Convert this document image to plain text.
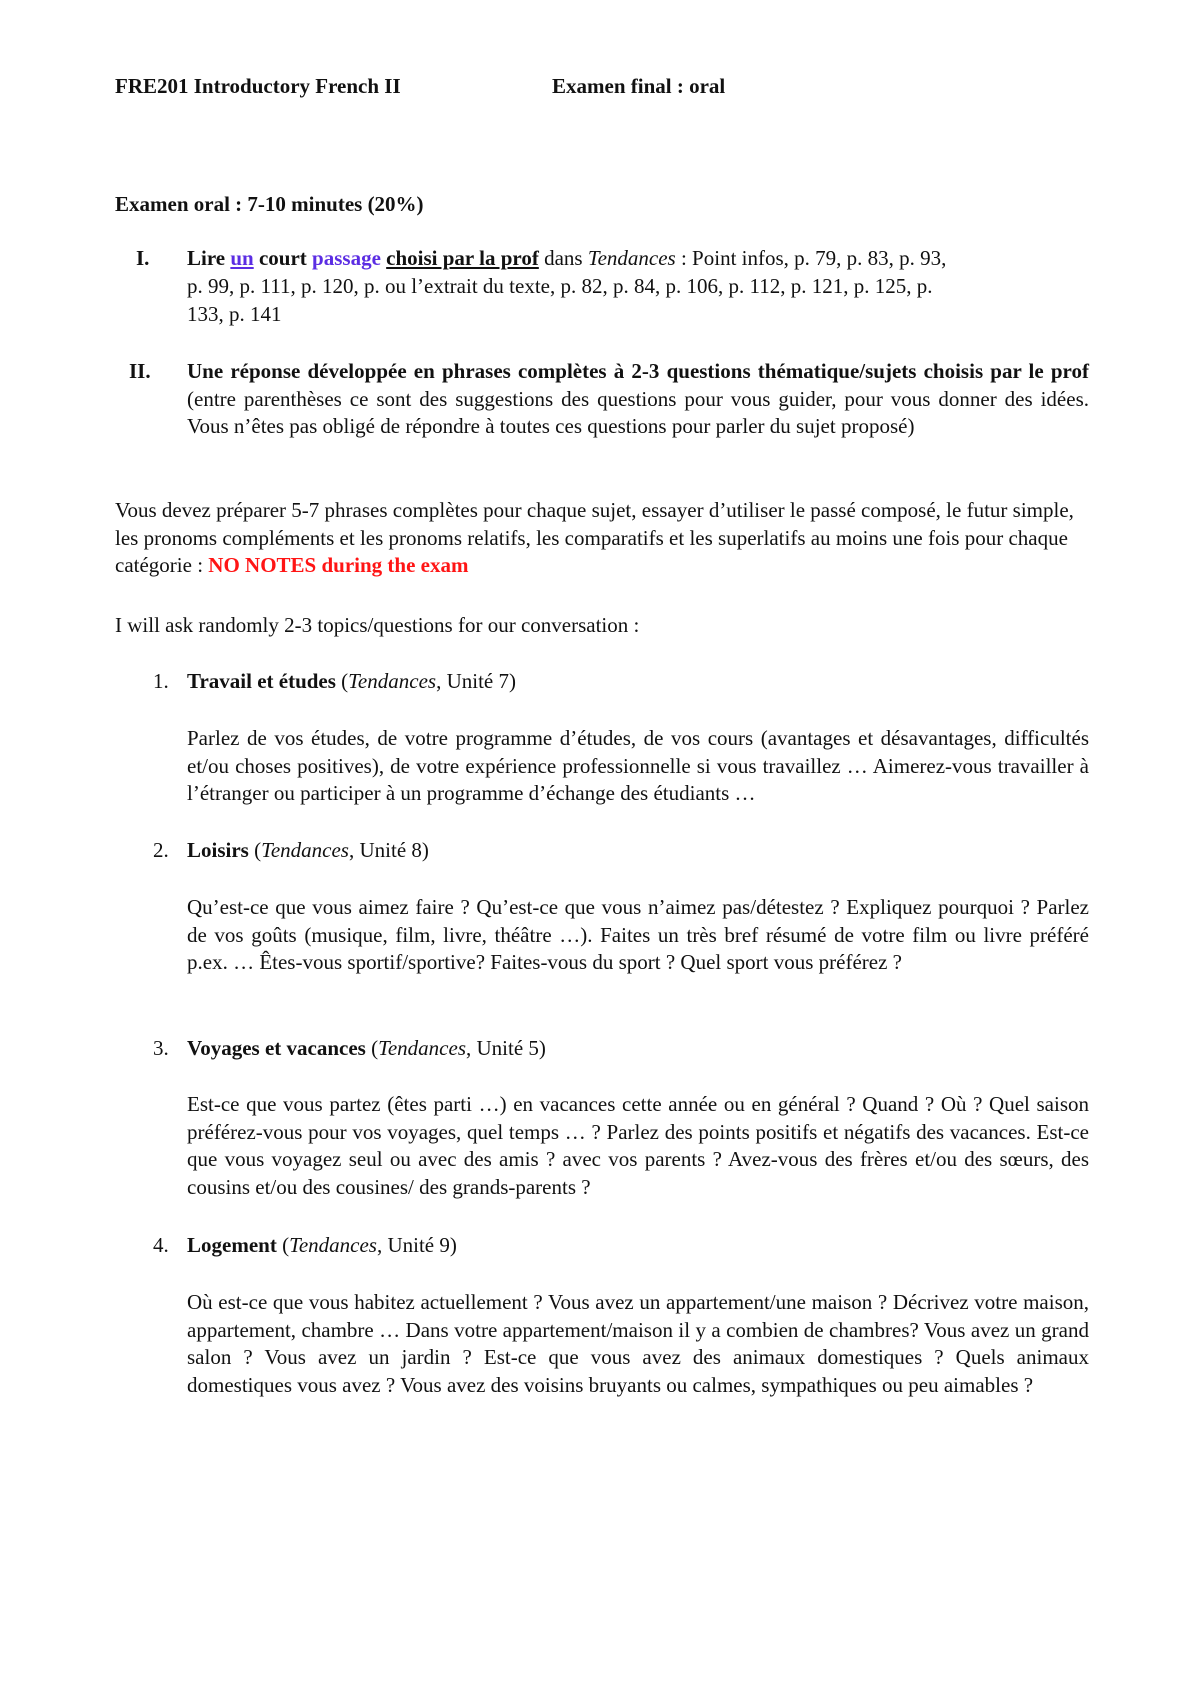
FRE201 Introductory French II	Examen final : oral
Examen oral : 7-10 minutes (20%)
I. Lire un court passage choisi par la prof dans Tendances : Point infos, p. 79, p. 83, p. 93,
p. 99, p. 111, p. 120, p. ou l’extrait du texte, p. 82, p. 84, p. 106, p. 112, p. 121, p. 125, p.
133, p. 141
II. Une réponse développée en phrases complètes à 2-3 questions thématique/sujets choisis par le prof (entre parenthèses ce sont des suggestions des questions pour vous guider, pour vous donner des idées. Vous n’êtes pas obligé de répondre à toutes ces questions pour parler du sujet proposé)
Vous devez préparer 5-7 phrases complètes pour chaque sujet, essayer d’utiliser le passé composé, le futur simple, les pronoms compléments et les pronoms relatifs, les comparatifs et les superlatifs au moins une fois pour chaque catégorie : NO NOTES during the exam
I will ask randomly 2-3 topics/questions for our conversation :
1. Travail et études (Tendances, Unité 7)
Parlez de vos études, de votre programme d’études, de vos cours (avantages et désavantages, difficultés et/ou choses positives), de votre expérience professionnelle si vous travaillez … Aimerez-vous travailler à l’étranger ou participer à un programme d’échange des étudiants …
2. Loisirs (Tendances, Unité 8)
Qu’est-ce que vous aimez faire ? Qu’est-ce que vous n’aimez pas/détestez ? Expliquez pourquoi ? Parlez de vos goûts (musique, film, livre, théâtre …). Faites un très bref résumé de votre film ou livre préféré p.ex. … Êtes-vous sportif/sportive? Faites-vous du sport ? Quel sport vous préférez ?
3. Voyages et vacances (Tendances, Unité 5)
Est-ce que vous partez (êtes parti …) en vacances cette année ou en général ? Quand ? Où ? Quel saison préférez-vous pour vos voyages, quel temps … ? Parlez des points positifs et négatifs des vacances. Est-ce que vous voyagez seul ou avec des amis ? avec vos parents ? Avez-vous des frères et/ou des sœurs, des cousins et/ou des cousines/ des grands-parents ?
4. Logement (Tendances, Unité 9)
Où est-ce que vous habitez actuellement ? Vous avez un appartement/une maison ? Décrivez votre maison, appartement, chambre … Dans votre appartement/maison il y a combien de chambres? Vous avez un grand salon ? Vous avez un jardin ? Est-ce que vous avez des animaux domestiques ? Quels animaux domestiques vous avez ? Vous avez des voisins bruyants ou calmes, sympathiques ou peu aimables ?
